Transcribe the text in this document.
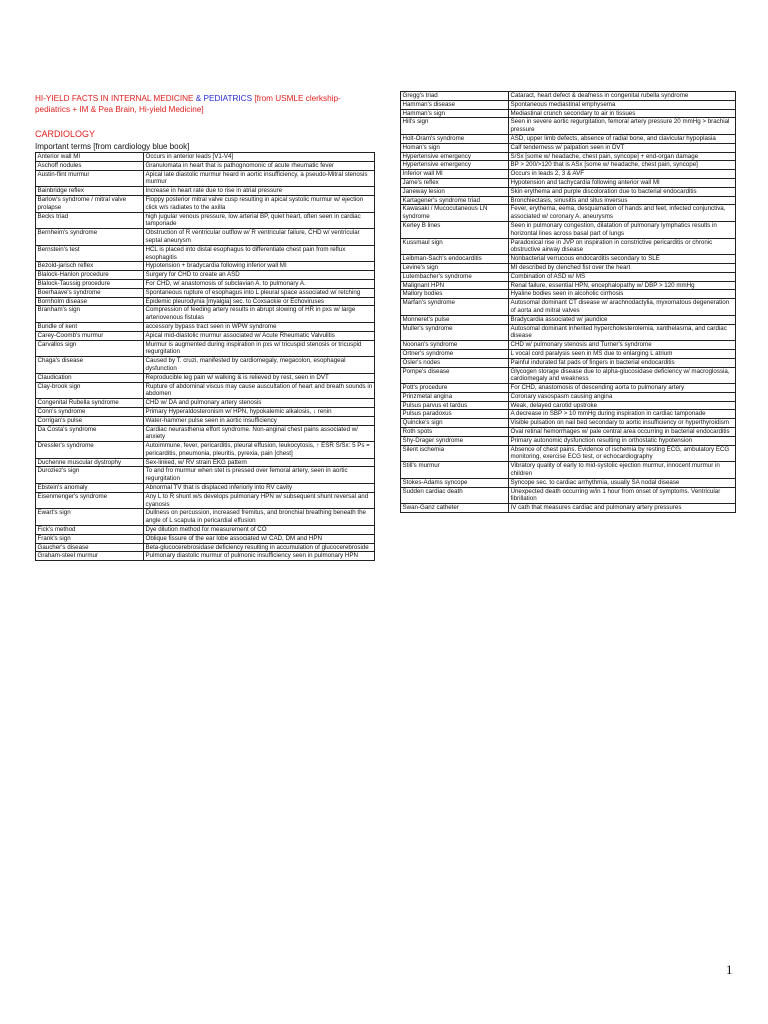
HI-YIELD FACTS IN INTERNAL MEDICINE & PEDIATRICS [from USMLE clerkship-pediatrics + IM & Pea Brain, Hi-yield Medicine]
CARDIOLOGY
Important terms [from cardiology blue book]
Anterior wall MI	Occurs in anterior leads [V1-V4]
Aschoff nodules	Granulomata in heart that is pathognomonic of acute rheumatic fever
Austin-flint murmur	Apical late diastolic murmur heard in aortic insufficiency, a pseudo-Mitral stenosis murmur
Bainbridge reflex	Increase in heart rate due to rise in atrial pressure
Barlow's syndrome / mitral valve prolapse	Floppy posterior mitral valve cusp resulting in apical systolic murmur w/ ejection click w/s radiates to the axilla
Becks triad	high jugular venous pressure, low arterial BP, quiet heart, often seen in cardiac tamponade
Bernheim's syndrome	Obstruction of R ventricular outflow w/ R ventricular failure, CHD w/ ventricular septal aneurysm
Bernstein's test	HCL is placed into distal esophagus to differentiate chest pain from reflux esophagitis
Bezold-jarisch reflex	Hypotension + bradycardia following inferior wall MI
Blalock-Hanlon procedure	Surgery for CHD to create an ASD
Blalock-Taussig procedure	For CHD, w/ anastomosis of subclavian A. to pulmonary A.
Boerhaave's syndrome	Spontaneous rupture of esophagus into L pleural space associated w/ retching
Bornholm disease	Epidemic pleurodynia [myalgia] sec. to Coxsackie or Echoviruses
Branham's sign	Compression of feeding artery results in abrupt slowing of HR in pxs w/ large arteriovenous fistulas
Bundle of kent	accessory bypass tract seen in WPW syndrome
Carey-Coomb's murmur	Apical mid-diastolic murmur associated w/ Acute Rheumatic Valvulitis
Carvallos sign	Murmur is augmented during inspiration in pxs w/ tricuspid stenosis or tricuspid regurgitation
Chaga's disease	Caused by T. cruzi, manifested by cardiomegaly, megacolon, esophageal dysfunction
Claudication	Reproducible leg pain w/ walking & is relieved by rest, seen in DVT
Clay-brook sign	Rupture of abdominal viscus may cause auscultation of heart and breath sounds in abdomen
Congenital Rubella syndrome	CHD w/ DA and pulmonary artery stenosis
Conn's syndrome	Primary Hyperaldosteronism w/ HPN, hypokalemic alkalosis, ↓ renin
Corrigan's pulse	Water-hammer pulse seen in aortic insufficiency
Da Costa's syndrome	Cardiac neurasthenia effort syndrome. Non-anginal chest pains associated w/ anxiety
Dressler's syndrome	Autoimmune, fever, pericarditis, pleural effusion, leukocytosis, ↑ ESR S/Sx: 5 Ps = pericarditis, pneumonia, pleuritis, pyrexia, pain [chest]
Duchenne muscular dystrophy	Sex-linked, w/ RV strain EKG pattern
Duroziez's sign	To and fro murmur when stet is pressed over femoral artery, seen in aortic regurgitation
Ebstein's anomaly	Abnormal TV that is displaced inferiorly into RV cavity
Eisenmenger's syndrome	Any L to R shunt w/s develops pulmonary HPN w/ subsequent shunt reversal and cyanosis
Ewart's sign	Dullness on percussion, increased fremitus, and bronchial breathing beneath the angle of L scapula in pericardial effusion
Fick's method	Dye dilution method for measurement of CO
Frank's sign	Oblique fissure of the ear lobe associated w/ CAD, DM and HPN
Gaucher's disease	Beta-glucocerebrosidase deficiency resulting in accumulation of glucocerebroside
Graham-steel murmur	Pulmonary diastolic murmur of pulmonic insufficiency seen in pulmonary HPN
Gregg's triad	Cataract, heart defect & deafness in congenital rubella syndrome
Hamman's disease	Spontaneous mediastinal emphysema
Hamman's sign	Mediastinal crunch secondary to air in tissues
Hill's sign	Seen in severe aortic regurgitation, femoral artery pressure 20 mmHg > brachial pressure
Holt-Oram's syndrome	ASD, upper limb defects, absence of radial bone, and clavicular hypoplasia
Homan's sign	Calf tenderness w/ palpation seen in DVT
Hypertensive emergency	S/Sx [some w/ headache, chest pain, syncope] + end-organ damage
Hypertensive emergency	BP > 200/>120 that is ASx [some w/ headache, chest pain, syncope]
Inferior wall MI	Occurs in leads 2, 3 & AVF
Jame's reflex	Hypotension and tachycardia following anterior wall MI
Janeway lesion	Skin erythema and purple discoloration due to bacterial endocarditis
Kartagener's syndrome triad	Bronchiectasis, sinusitis and situs inversus
Kawasaki / Mucocutaneous LN syndrome	Fever, erythema, eema, desquamation of hands and feet, infected conjunctiva, associated w/ coronary A. aneurysms
Kerley B lines	Seen in pulmonary congestion, dilatation of pulmonary lymphatics results in horizontal lines across basal part of lungs
Kussmaul sign	Paradoxical rise in JVP on inspiration in constrictive pericarditis or chronic obstructive airway disease
Leibman-Sach's endocarditis	Nonbacterial verrucous endocarditis secondary to SLE
Levine's sign	MI described by clenched fist over the heart
Lutembacher's syndrome	Combination of ASD w/ MS
Malignant HPN	Renal failure, essential HPN, encephalopathy w/ DBP > 120 mmHg
Mallory bodies	Hyaline bodies seen in alcoholic cirrhosis
Marfan's syndrome	Autosomal dominant CT disease w/ arachnodactylia, myxomatous degeneration of aorta and mitral valves
Monneret's pulse	Bradycardia associated w/ jaundice
Muller's syndrome	Autosomal dominant inherited hypercholesterolemia, xanthelasma, and cardiac disease
Noonan's syndrome	CHD w/ pulmonary stenosis and Turner's syndrome
Ortner's syndrome	L vocal cord paralysis seen in MS due to enlarging L atrium
Osler's nodes	Painful indurated fat pads of fingers in bacterial endocarditis
Pompe's disease	Glycogen storage disease due to alpha-glucosidase deficiency w/ macroglossia, cardiomegaly and weakness
Pott's procedure	For CHD, anastomosis of descending aorta to pulmonary artery
Prinzmetal angina	Coronary vasospasm causing angina
Pulsus parvus et tardus	Weak, delayed carotid upstroke
Pulsus paradoxus	A decrease in SBP > 10 mmHg during inspiration in cardiac tamponade
Quincke's sign	Visible pulsation on nail bed secondary to aortic insufficiency or hyperthyroidism
Roth spots	Oval retinal hemorrhages w/ pale central area occurring in bacterial endocarditis
Shy-Drager syndrome	Primary autonomic dysfunction resulting in orthostatic hypotension
Silent ischemia	Absence of chest pains. Evidence of ischemia by resting ECG, ambulatory ECG monitoring, exercise ECG test, or echocardiography
Still's murmur	Vibratory quality of early to mid-systolic ejection murmur, innocent murmur in children
Stokes-Adams syncope	Syncope sec. to cardiac arrhythmia, usually SA nodal disease
Sudden cardiac death	Unexpected death occurring w/in 1 hour from onset of symptoms. Ventricular fibrillation
Swan-Ganz catheter	IV cath that measures cardiac and pulmonary artery pressures
1
